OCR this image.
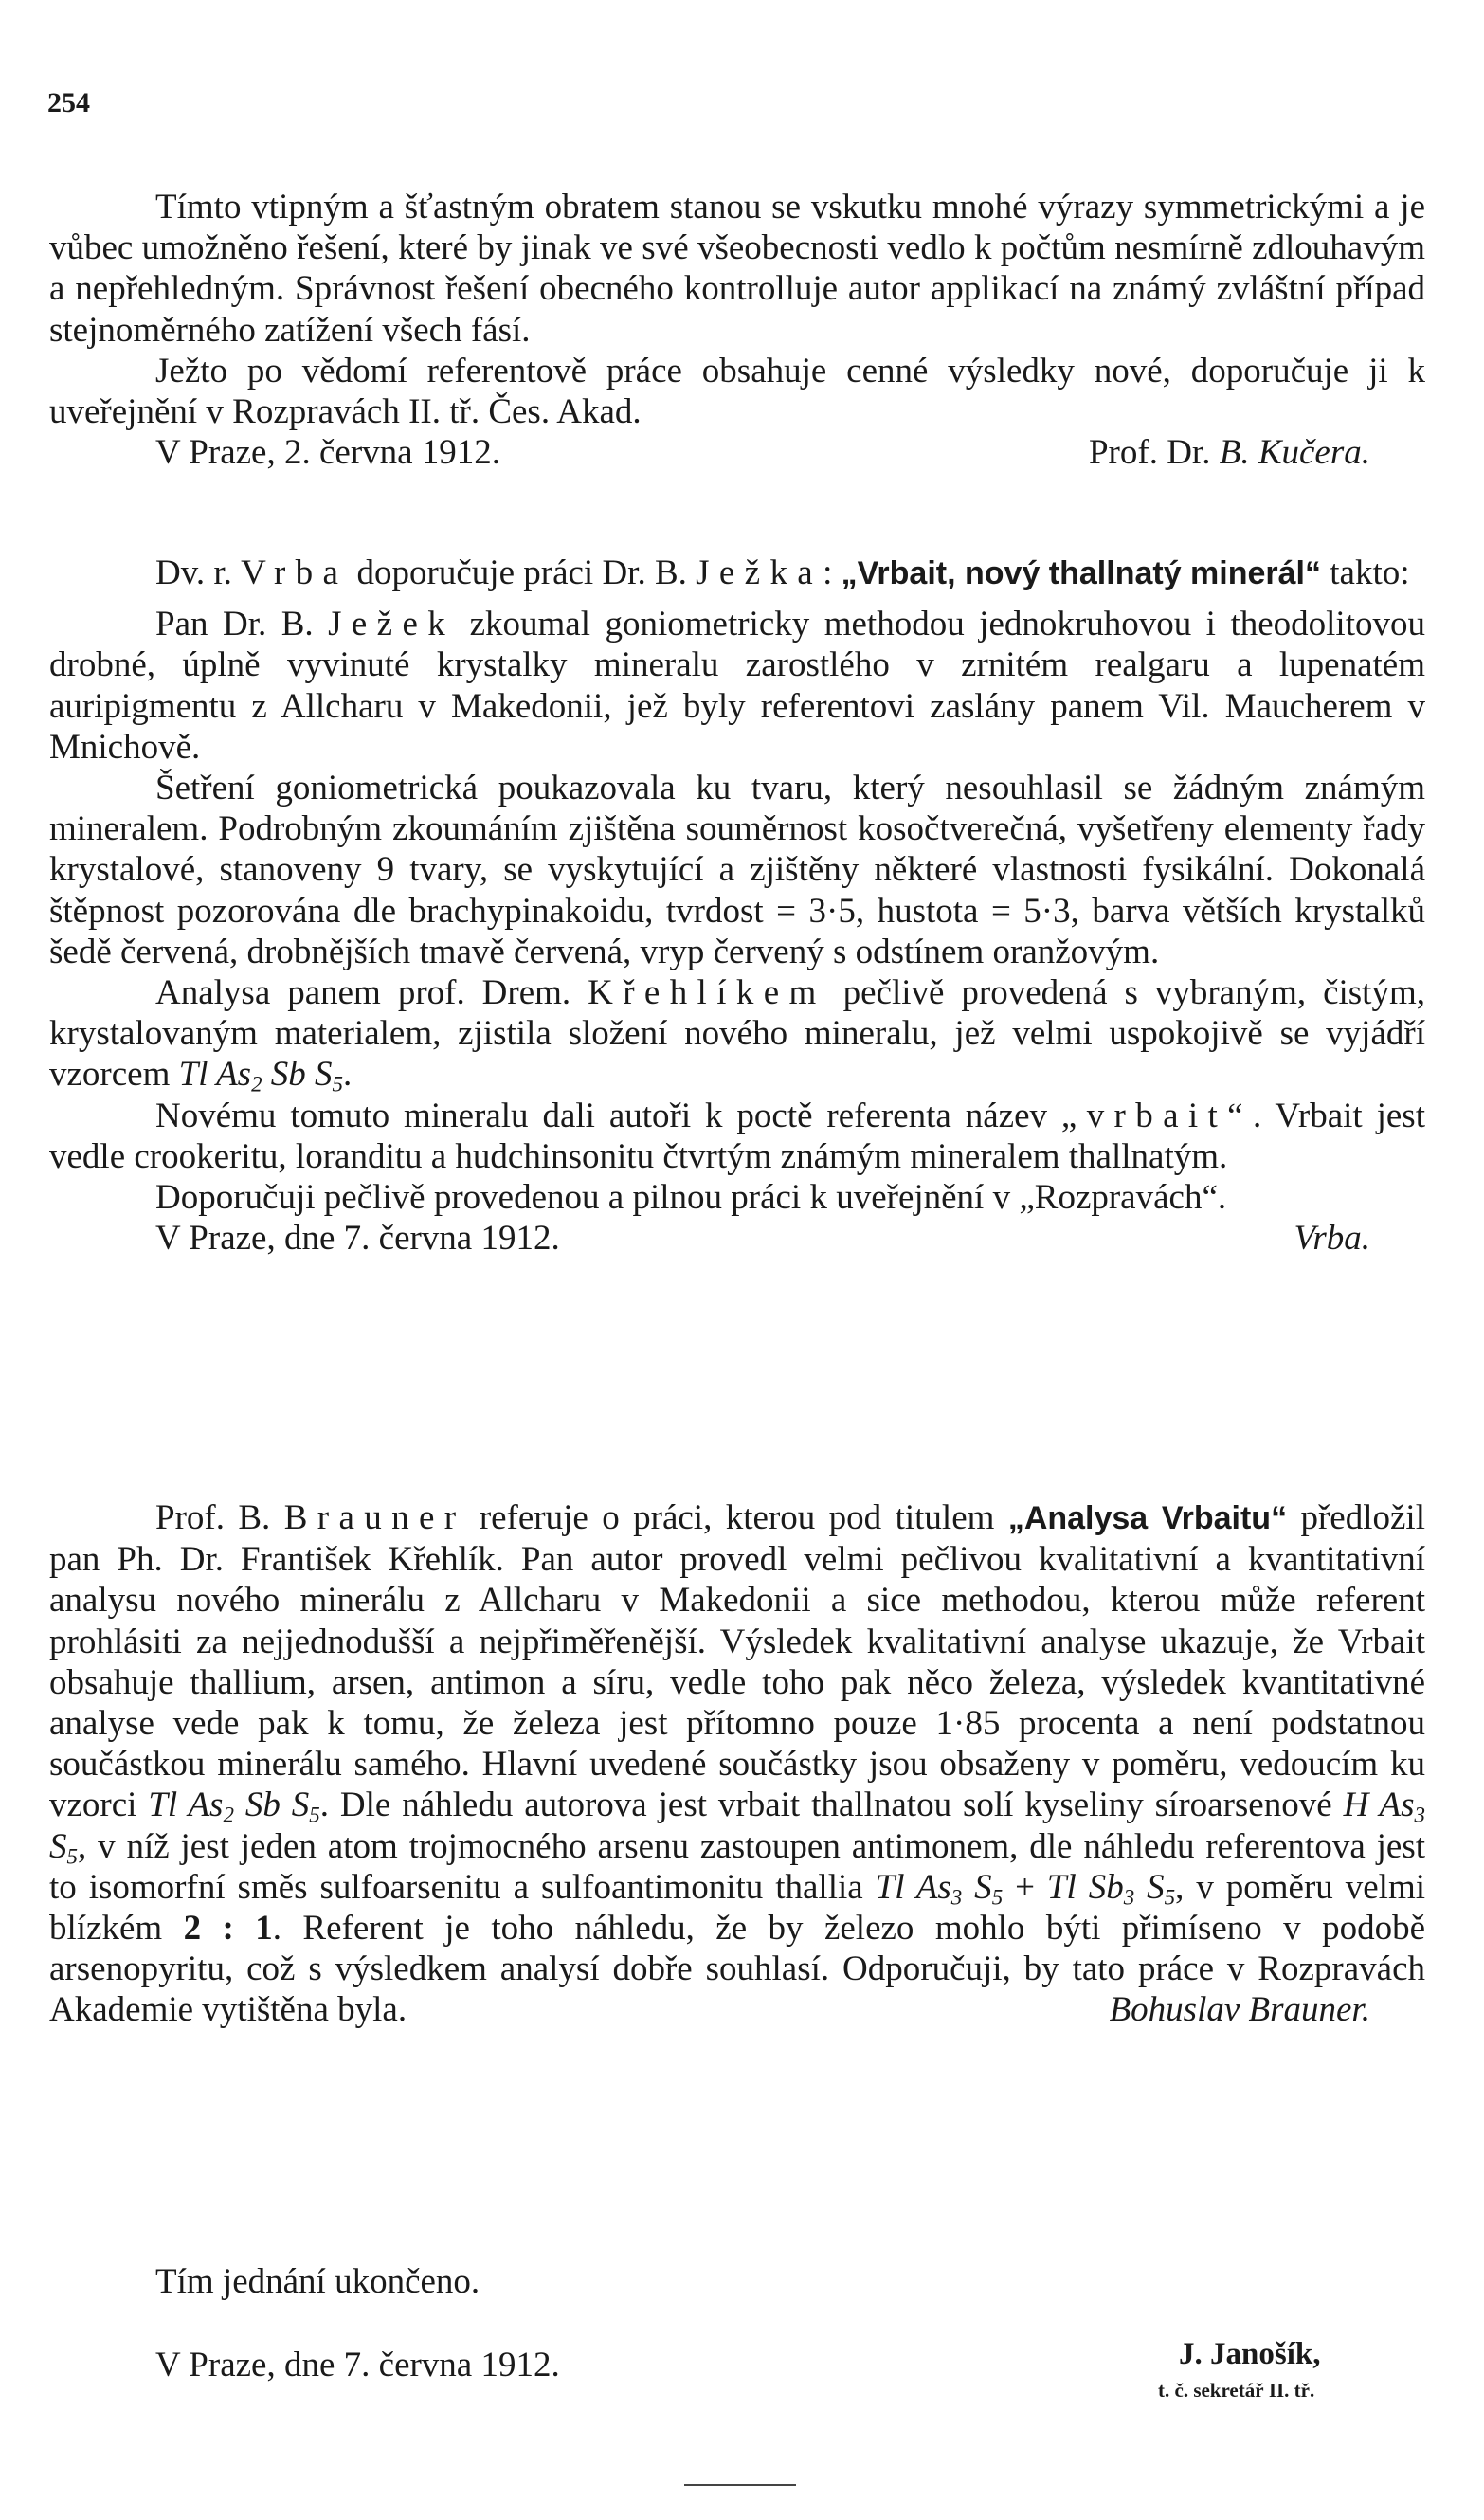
254

Tímto vtipným a šťastným obratem stanou se vskutku mnohé výrazy symmetrickými a je vůbec umožněno řešení, které by jinak ve své všeobecnosti vedlo k počtům nesmírně zdlouhavým a nepřehledným. Správnost řešení obecného kontrolluje autor applikací na známý zvláštní případ stejnoměrného zatížení všech fásí.

Ježto po vědomí referentově práce obsahuje cenné výsledky nové, doporučuje ji k uveřejnění v Rozpravách II. tř. Čes. Akad.

V Praze, 2. června 1912.	Prof. Dr. B. Kučera.

Dv. r. Vrba doporučuje práci Dr. B. Ježka: „Vrbait, nový thallnatý minerál“ takto:

Pan Dr. B. Ježek zkoumal goniometricky methodou jednokruhovou i theodolitovou drobné, úplně vyvinuté krystalky mineralu zarostlého v zrnitém realgaru a lupenatém auripigmentu z Allcharu v Makedonii, jež byly referentovi zaslány panem Vil. Maucherem v Mnichově.

Šetření goniometrická poukazovala ku tvaru, který nesouhlasil se žádným známým mineralem. Podrobným zkoumáním zjištěna souměrnost kosočtverečná, vyšetřeny elementy řady krystalové, stanoveny 9 tvary, se vyskytující a zjištěny některé vlastnosti fysikální. Dokonalá štěpnost pozorována dle brachypinakoidu, tvrdost = 3·5, hustota = 5·3, barva větších krystalků šedě červená, drobnějších tmavě červená, vryp červený s odstínem oranžovým.

Analysa panem prof. Drem. Křehlíkem pečlivě provedená s vybraným, čistým, krystalovaným materialem, zjistila složení nového mineralu, jež velmi uspokojivě se vyjádří vzorcem Tl $As_2$ Sb $S_5$.

Novému tomuto mineralu dali autoři k poctě referenta název „vrbait“. Vrbait jest vedle crookeritu, loranditu a hudchinsonitu čtvrtým známým mineralem thallnatým.

Doporučuji pečlivě provedenou a pilnou práci k uveřejnění v „Rozpravách“.

V Praze, dne 7. června 1912.	Vrba.

Prof. B. Brauner referuje o práci, kterou pod titulem „Analysa Vrbaitu“ předložil pan Ph. Dr. František Křehlík. Pan autor provedl velmi pečlivou kvalitativní a kvantitativní analysu nového minerálu z Allcharu v Makedonii a sice methodou, kterou může referent prohlásiti za nejjednodušší a nejpřiměřenější. Výsledek kvalitativní analyse ukazuje, že Vrbait obsahuje thallium, arsen, antimon a síru, vedle toho pak něco železa, výsledek kvantitativné analyse vede pak k tomu, že železa jest přítomno pouze 1·85 procenta a není podstatnou součástkou minerálu samého. Hlavní uvedené součástky jsou obsaženy v poměru, vedoucím ku vzorci Tl $As_2$ Sb $S_5$. Dle náhledu autorova jest vrbait thallnatou solí kyseliny síroarsenové H $As_3$ $S_5$, v níž jest jeden atom trojmocného arsenu zastoupen antimonem, dle náhledu referentova jest to isomorfní směs sulfoarsenitu a sulfoantimonitu thallia Tl $As_3$ $S_5 + Tl$ $Sb_3$ $S_5$, v poměru velmi blízkém 2 : 1. Referent je toho náhledu, že by železo mohlo býti přimíseno v podobě arsenopyritu, což s výsledkem analysí dobře souhlasí. Odporučuji, by tato práce v Rozpravách Akademie vytištěna byla.	Bohuslav Brauner.

Tím jednání ukončeno.
V Praze, dne 7. června 1912.	J. Janošík,
t. č. sekretář II. tř.
